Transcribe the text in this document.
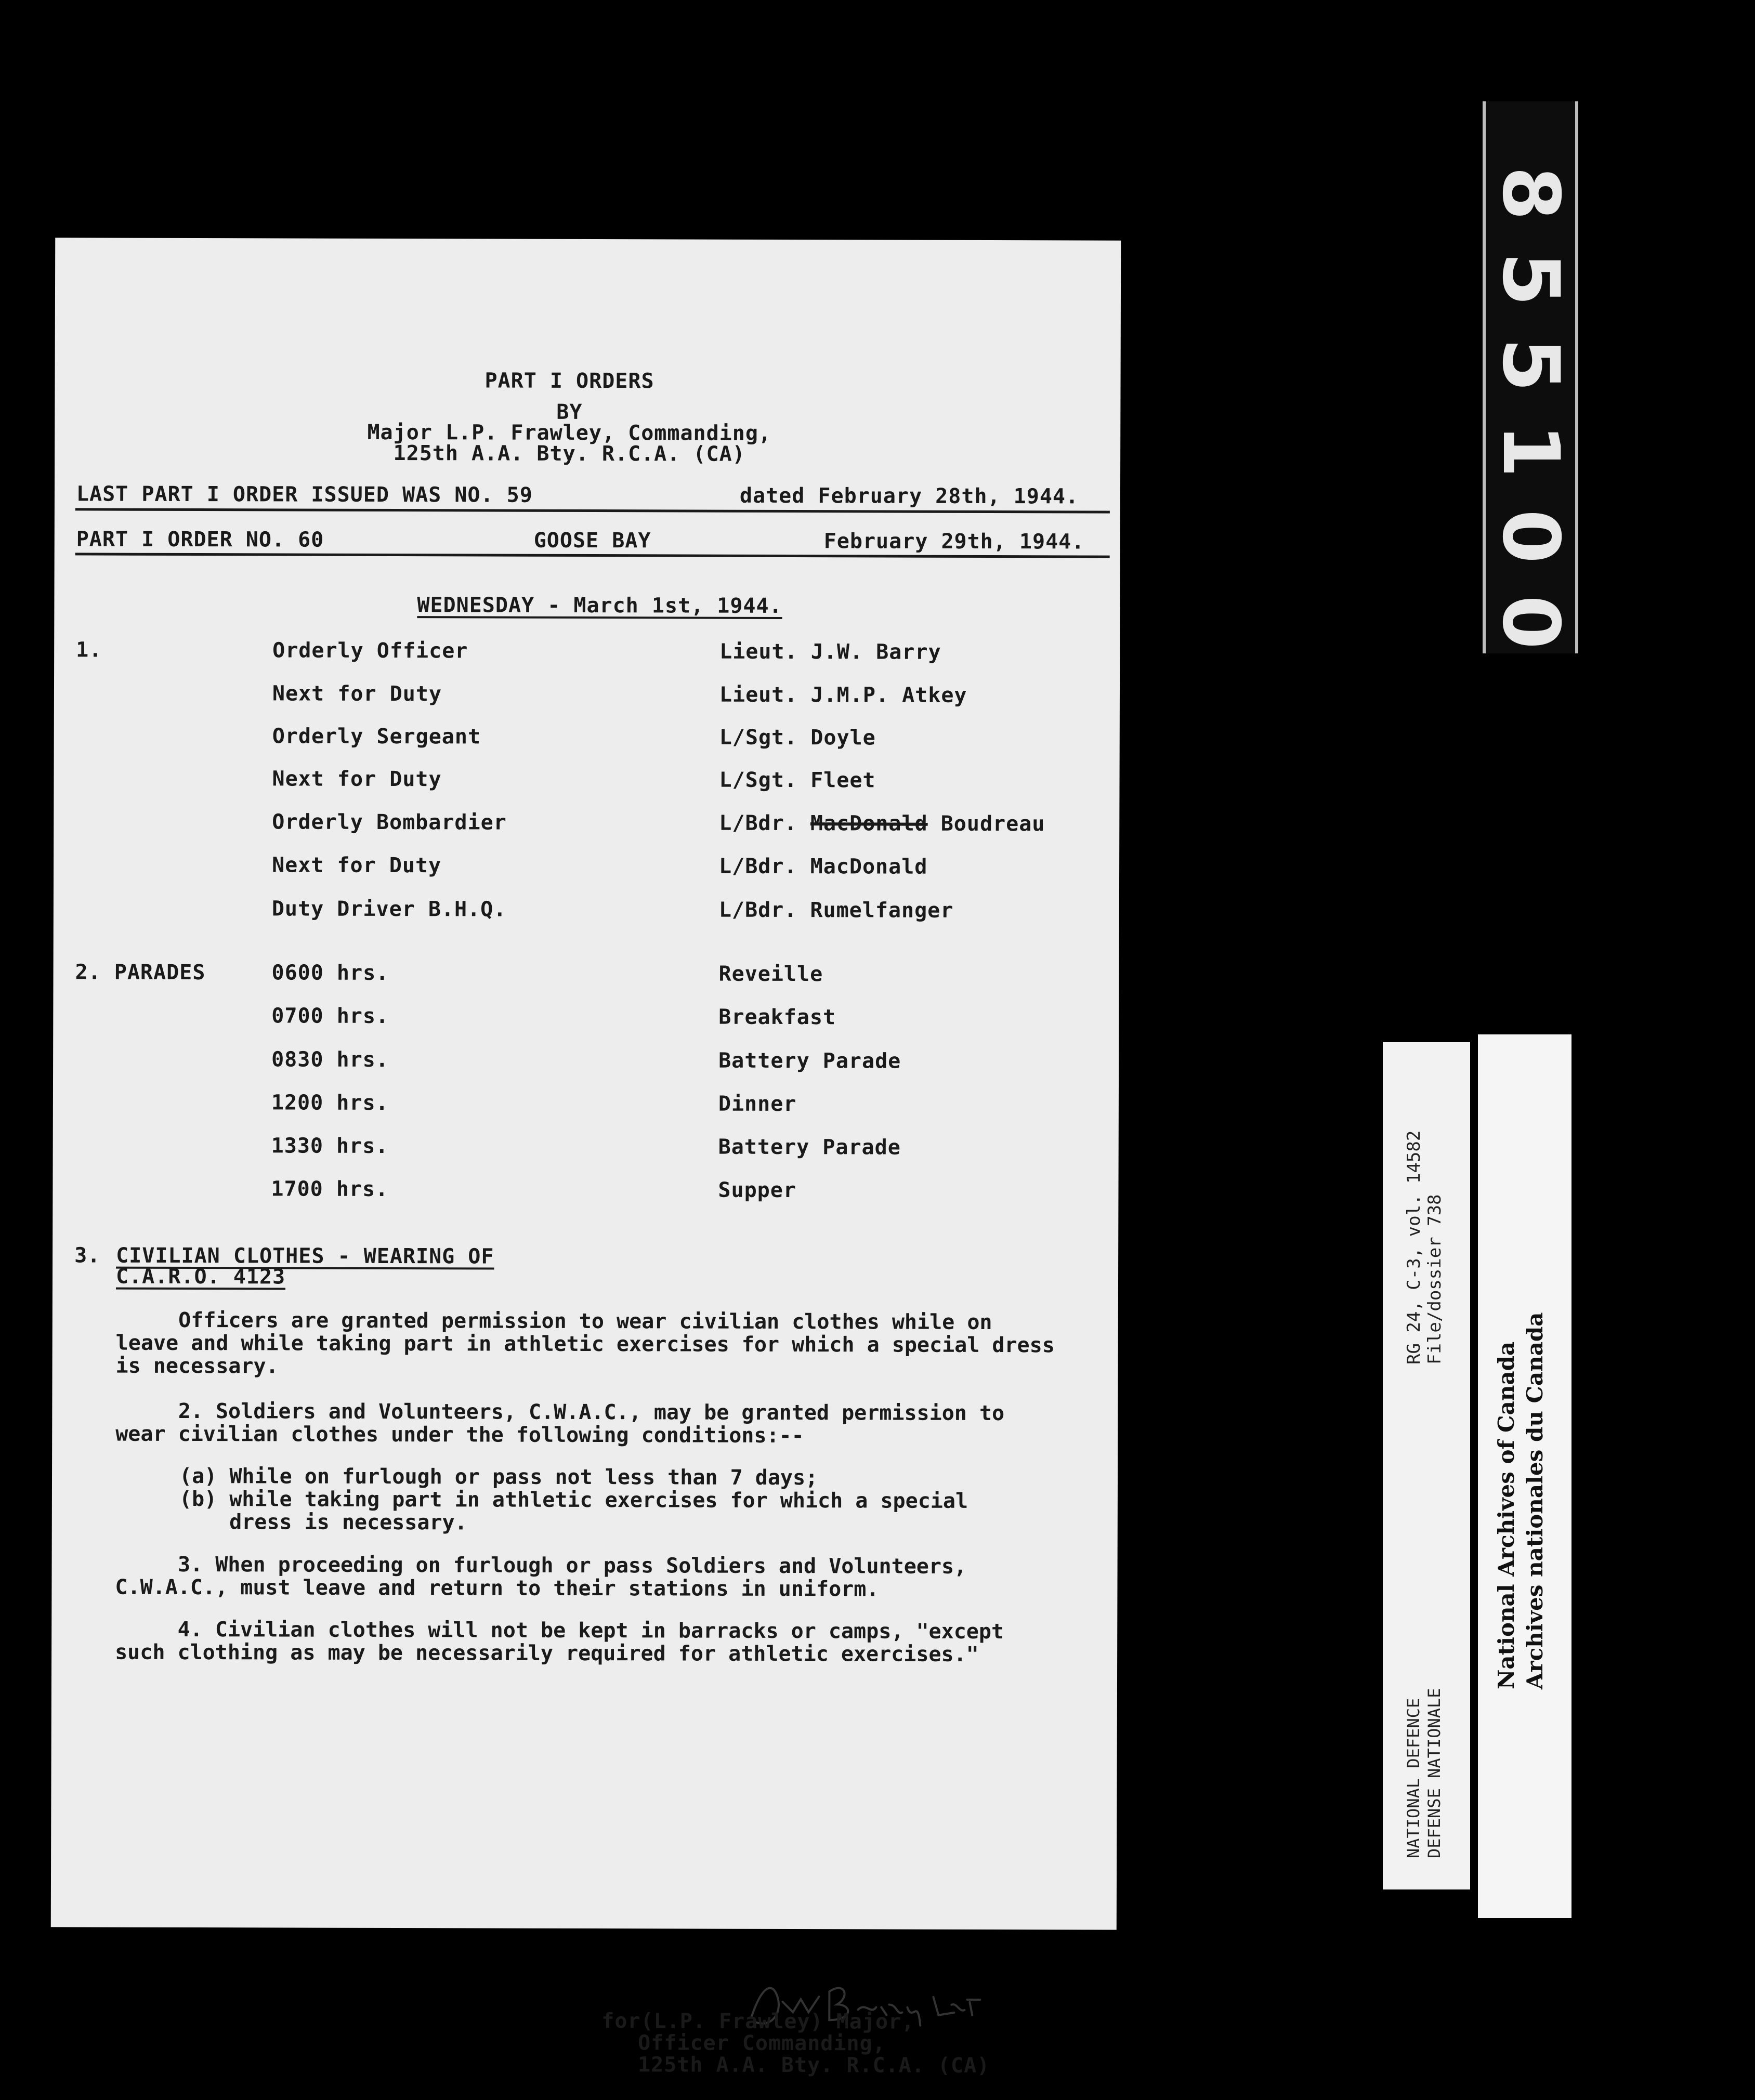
PART I ORDERS
BY
Major L.P. Frawley, Commanding,
125th A.A. Bty. R.C.A. (CA)
LAST PART I ORDER ISSUED WAS NO. 59	dated February 28th, 1944.
PART I ORDER NO. 60	GOOSE BAY	February 29th, 1944.
WEDNESDAY - March 1st, 1944.
1.	Orderly Officer	Lieut. J.W. Barry
Next for Duty	Lieut. J.M.P. Atkey
Orderly Sergeant	L/Sgt. Doyle
Next for Duty	L/Sgt. Fleet
Orderly Bombardier	L/Bdr. MacDonald Boudreau
Next for Duty	L/Bdr. MacDonald
Duty Driver B.H.Q.	L/Bdr. Rumelfanger
2. PARADES	0600 hrs.	Reveille
0700 hrs.	Breakfast
0830 hrs.	Battery Parade
1200 hrs.	Dinner
1330 hrs.	Battery Parade
1700 hrs.	Supper
3. CIVILIAN CLOTHES - WEARING OF
C.A.R.O. 4123
Officers are granted permission to wear civilian clothes while on
leave and while taking part in athletic exercises for which a special dress
is necessary.
2. Soldiers and Volunteers, C.W.A.C., may be granted permission to
wear civilian clothes under the following conditions:--
(a) While on furlough or pass not less than 7 days;
(b) while taking part in athletic exercises for which a special
dress is necessary.
3. When proceeding on furlough or pass Soldiers and Volunteers,
C.W.A.C., must leave and return to their stations in uniform.
4. Civilian clothes will not be kept in barracks or camps, "except
such clothing as may be necessarily required for athletic exercises."
for(L.P. Frawley) Major,
Officer Commanding,
125th A.A. Bty. R.C.A. (CA)
8
5
5
1
0
0
RG 24, C-3, vol. 14582 File/dossier 738
NATIONAL DEFENCE DEFENSE NATIONALE
National Archives of Canada Archives nationales du Canada
